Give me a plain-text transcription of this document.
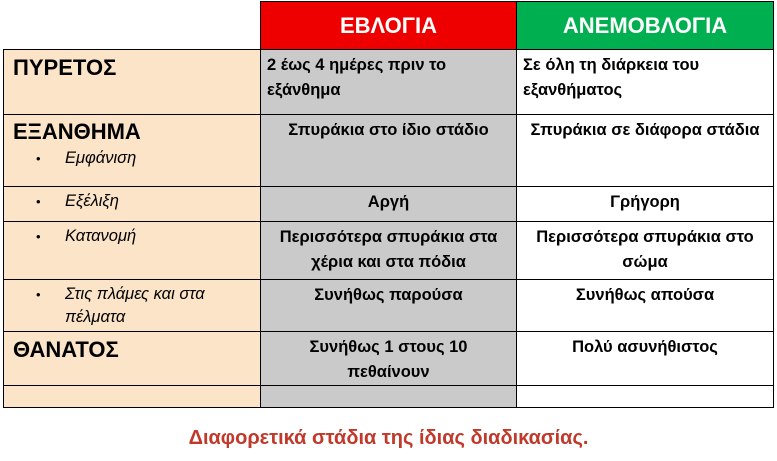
	ΕΒΛΟΓΙΑ	ΑΝΕΜΟΒΛΟΓΙΑ

ΠΥΡΕΤΟΣ	2 έως 4 ημέρες πριν το εξάνθημα	Σε όλη τη διάρκεια του εξανθήματος

ΕΞΑΝΘΗΜΑ
• Εμφάνιση	Σπυράκια στο ίδιο στάδιο	Σπυράκια σε διάφορα στάδια

• Εξέλιξη	Αργή	Γρήγορη

• Κατανομή	Περισσότερα σπυράκια στα χέρια και στα πόδια	Περισσότερα σπυράκια στο σώμα

• Στις πλάμες και στα πέλματα	Συνήθως παρούσα	Συνήθως απούσα

ΘΑΝΑΤΟΣ	Συνήθως 1 στους 10 πεθαίνουν	Πολύ ασυνήθιστος

Διαφορετικά στάδια της ίδιας διαδικασίας.
